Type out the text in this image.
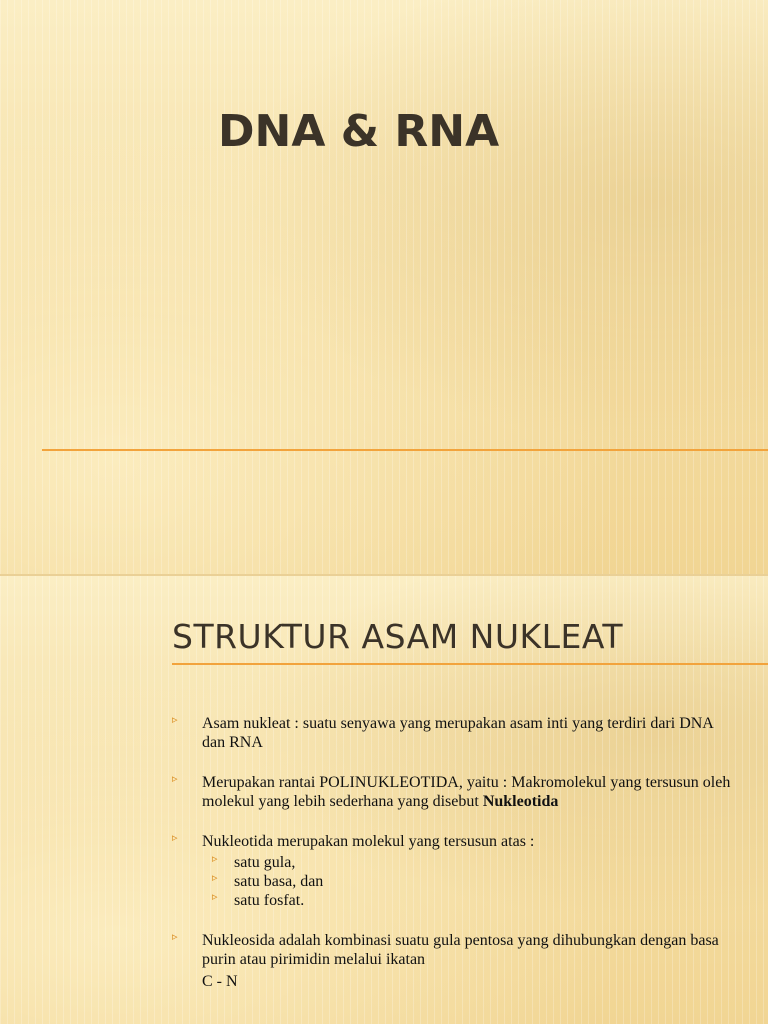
DNA & RNA
STRUKTUR ASAM NUKLEAT
▹ Asam nukleat : suatu senyawa yang merupakan asam inti yang terdiri dari DNA dan RNA
▹ Merupakan rantai POLINUKLEOTIDA, yaitu : Makromolekul yang tersusun oleh molekul yang lebih sederhana yang disebut Nukleotida
▹ Nukleotida merupakan molekul yang tersusun atas :
▹ satu gula,
▹ satu basa, dan
▹ satu fosfat.
▹ Nukleosida adalah kombinasi suatu gula pentosa yang dihubungkan dengan basa purin atau pirimidin melalui ikatan
C - N
